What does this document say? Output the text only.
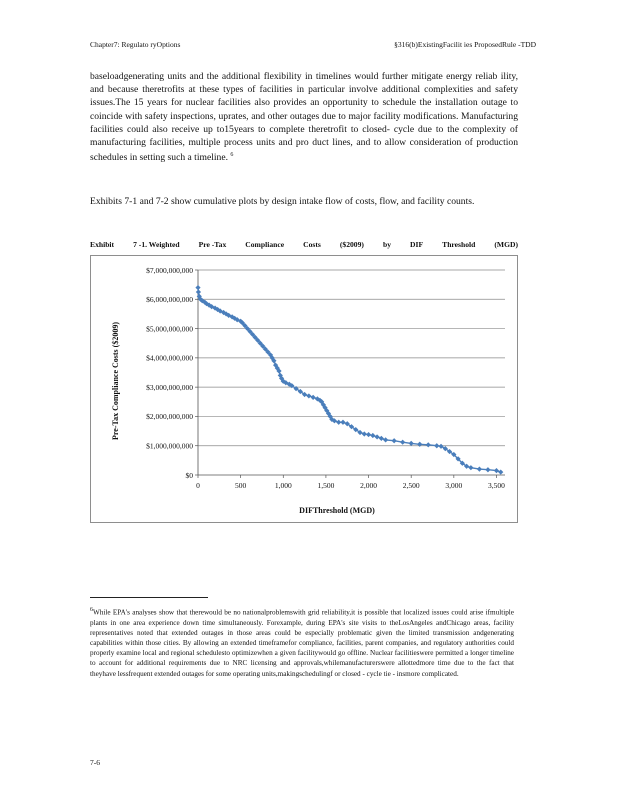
Chapter7: Regulato ryOptions	§316(b)ExistingFacilit ies ProposedRule -TDD

baseloadgenerating units and the additional flexibility in timelines would further mitigate energy reliab ility, and because theretrofits at these types of facilities in particular involve additional complexities and safety issues.The 15 years for nuclear facilities also provides an opportunity to schedule the installation outage to coincide with safety inspections, uprates, and other outages due to major facility modifications. Manufacturing facilities could also receive up to15years to complete theretrofit to closed- cycle due to the complexity of manufacturing facilities, multiple process units and pro duct lines, and to allow consideration of production schedules in setting such a timeline. $^6$

Exhibits 7-1 and 7-2 show cumulative plots by design intake flow of costs, flow, and facility counts.

Exhibit	7 -1. Weighted	Pre -Tax	Compliance	Costs	($2009)	by	DIF	Threshold	(MGD)
$0
$1,000,000,000
$2,000,000,000
$3,000,000,000
$4,000,000,000
$5,000,000,000
$6,000,000,000
$7,000,000,000
0	500	1,000	1,500	2,000	2,500	3,000	3,500
DIFThreshold (MGD)
Pre-Tax Compliance Costs ($2009)

$^6$While EPA's analyses show that therewould be no nationalproblemswith grid reliability,it is possible that localized issues could arise ifmultiple plants in one area experience down time simultaneously. Forexample, during EPA's site visits to theLosAngeles andChicago areas, facility representatives noted that extended outages in those areas could be especially problematic given the limited transmission andgenerating capabilities within those cities. By allowing an extended timeframefor compliance, facilities, parent companies, and regulatory authorities could properly examine local and regional schedulesto optimizewhen a given facilitywould go offline. Nuclear facilitieswere permitted a longer timeline to account for additional requirements due to NRC licensing and approvals,whilemanufacturerswere allottedmore time due to the fact that theyhave lessfrequent extended outages for some operating units,makingschedulingf or closed - cycle tie - insmore complicated.

7-6
